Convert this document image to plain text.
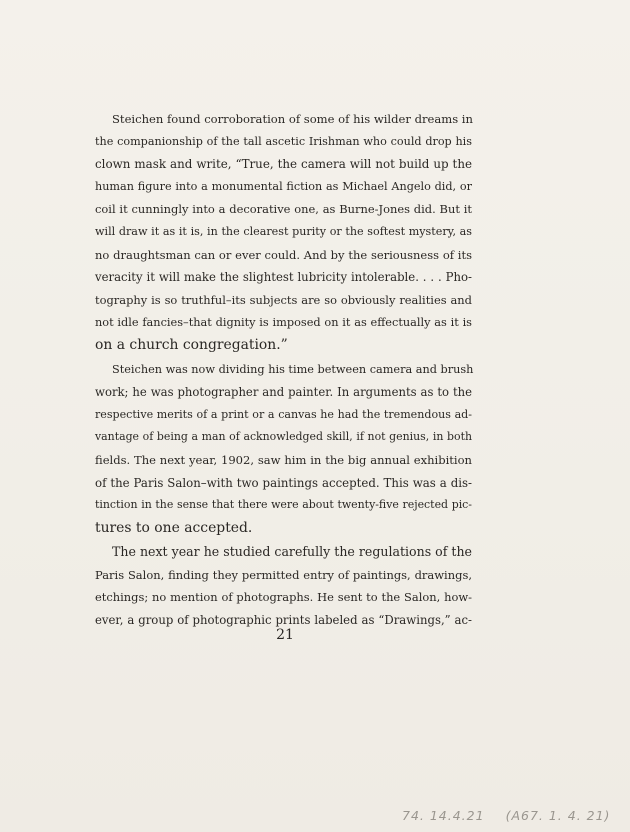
Steichen found corroboration of some of his wilder dreams in
the companionship of the tall ascetic Irishman who could drop his
clown mask and write, “True, the camera will not build up the
human figure into a monumental fiction as Michael Angelo did, or
coil it cunningly into a decorative one, as Burne-Jones did. But it
will draw it as it is, in the clearest purity or the softest mystery, as
no draughtsman can or ever could. And by the seriousness of its
veracity it will make the slightest lubricity intolerable. . . . Pho-
tography is so truthful–its subjects are so obviously realities and
not idle fancies–that dignity is imposed on it as effectually as it is
on a church congregation.”
Steichen was now dividing his time between camera and brush
work; he was photographer and painter. In arguments as to the
respective merits of a print or a canvas he had the tremendous ad-
vantage of being a man of acknowledged skill, if not genius, in both
fields. The next year, 1902, saw him in the big annual exhibition
of the Paris Salon–with two paintings accepted. This was a dis-
tinction in the sense that there were about twenty-five rejected pic-
tures to one accepted.
The next year he studied carefully the regulations of the
Paris Salon, finding they permitted entry of paintings, drawings,
etchings; no mention of photographs. He sent to the Salon, how-
ever, a group of photographic prints labeled as “Drawings,” ac-
21
74. 14.4.21 (A67. 1. 4. 21)
